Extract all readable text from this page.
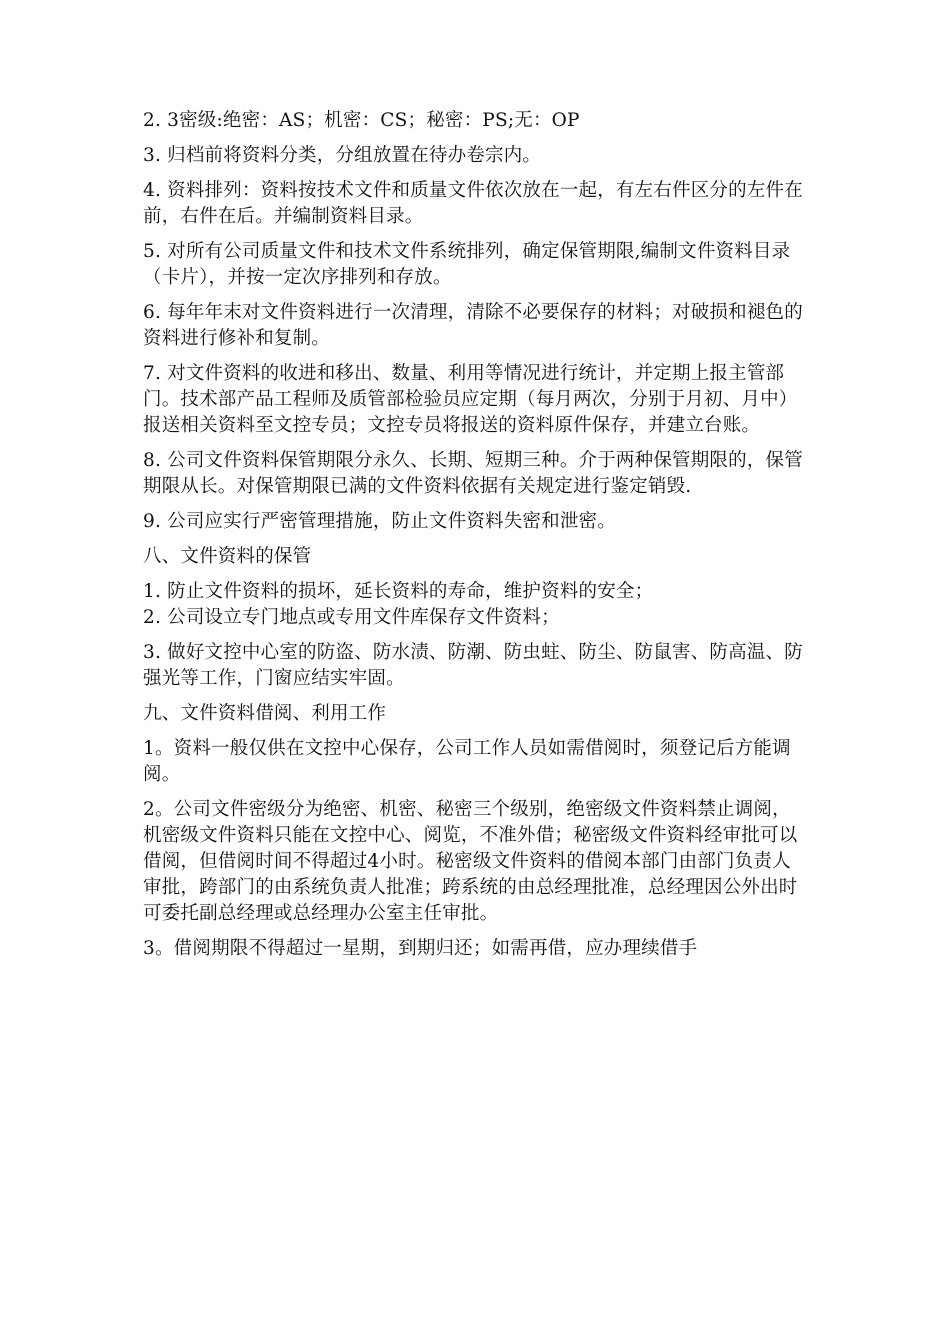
2. 3密级:绝密：AS；机密：CS；秘密：PS;无：OP

3. 归档前将资料分类，分组放置在待办卷宗内。

4. 资料排列：资料按技术文件和质量文件依次放在一起，有左右件区分的左件在前，右件在后。并编制资料目录。

5. 对所有公司质量文件和技术文件系统排列，确定保管期限,编制文件资料目录（卡片），并按一定次序排列和存放。

6. 每年年末对文件资料进行一次清理，清除不必要保存的材料；对破损和褪色的资料进行修补和复制。

7. 对文件资料的收进和移出、数量、利用等情况进行统计，并定期上报主管部门。技术部产品工程师及质管部检验员应定期（每月两次，分别于月初、月中）报送相关资料至文控专员；文控专员将报送的资料原件保存，并建立台账。

8. 公司文件资料保管期限分永久、长期、短期三种。介于两种保管期限的，保管期限从长。对保管期限已满的文件资料依据有关规定进行鉴定销毁.

9. 公司应实行严密管理措施，防止文件资料失密和泄密。

八、文件资料的保管

1. 防止文件资料的损坏，延长资料的寿命，维护资料的安全；

2. 公司设立专门地点或专用文件库保存文件资料；

3. 做好文控中心室的防盗、防水渍、防潮、防虫蛀、防尘、防鼠害、防高温、防强光等工作，门窗应结实牢固。

九、文件资料借阅、利用工作

1。资料一般仅供在文控中心保存，公司工作人员如需借阅时，须登记后方能调阅。

2。公司文件密级分为绝密、机密、秘密三个级别，绝密级文件资料禁止调阅，机密级文件资料只能在文控中心、阅览，不准外借；秘密级文件资料经审批可以借阅，但借阅时间不得超过4小时。秘密级文件资料的借阅本部门由部门负责人审批，跨部门的由系统负责人批准；跨系统的由总经理批准，总经理因公外出时可委托副总经理或总经理办公室主任审批。

3。借阅期限不得超过一星期，到期归还；如需再借，应办理续借手
